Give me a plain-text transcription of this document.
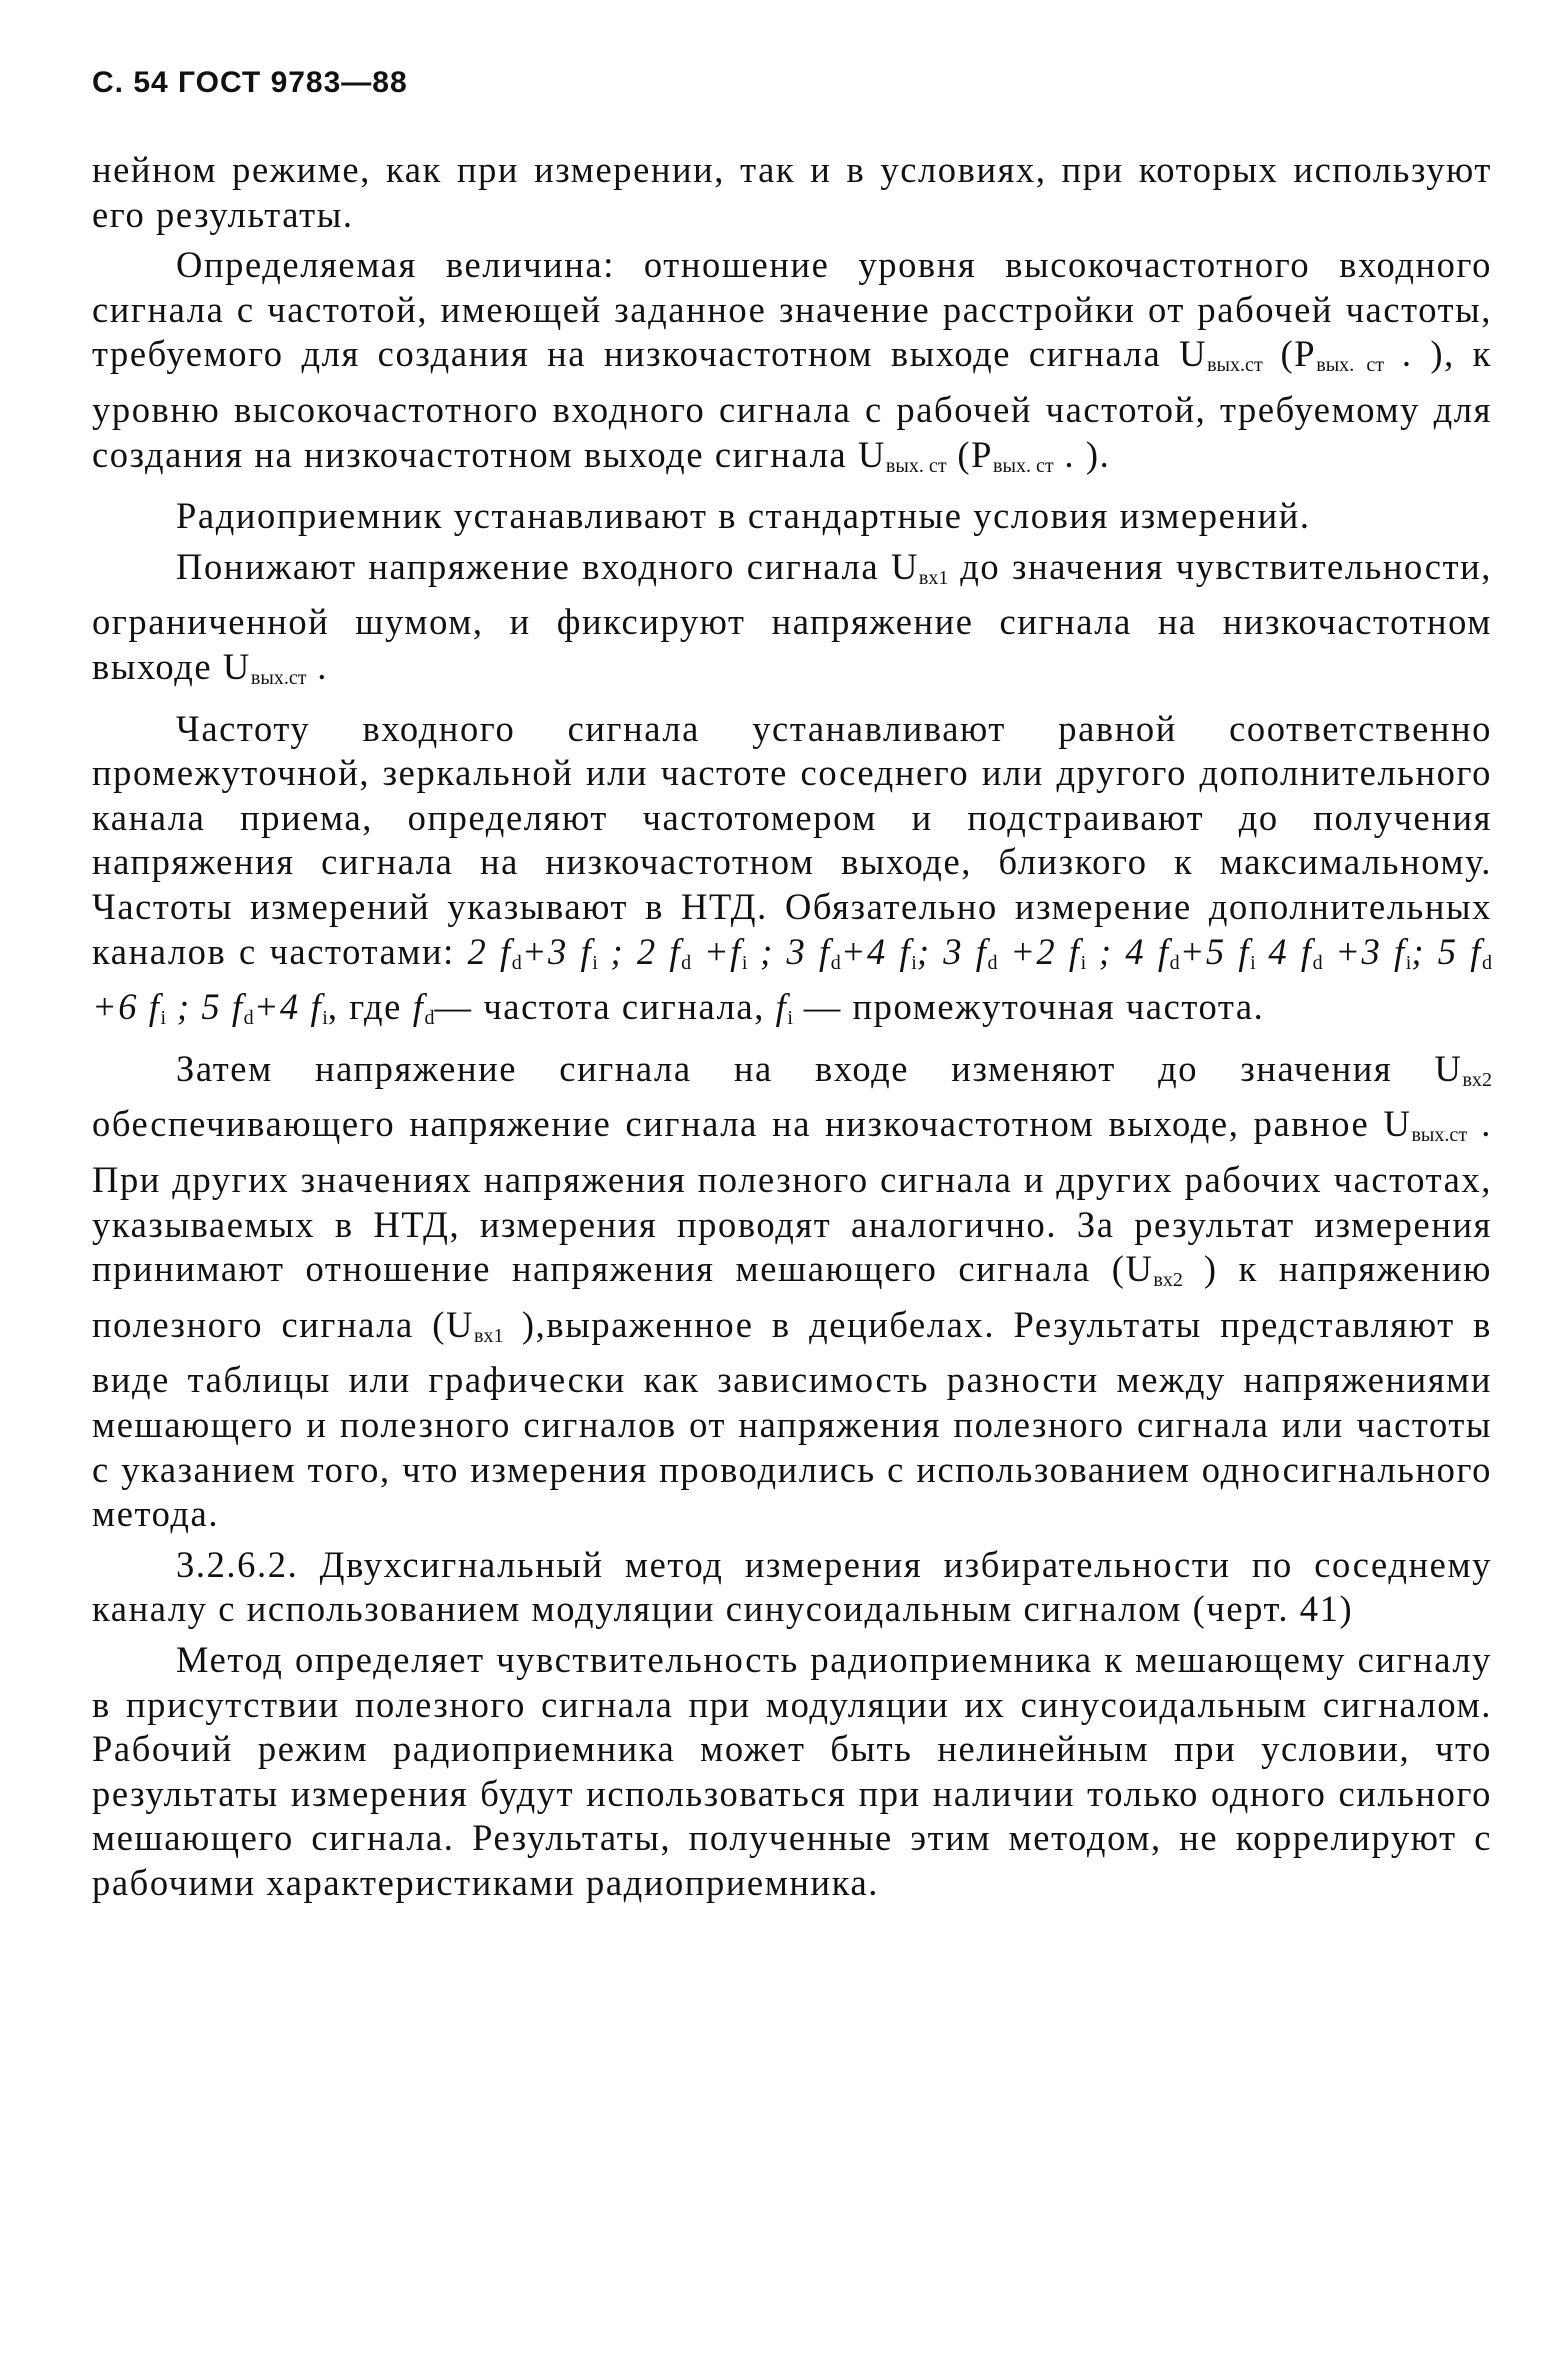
С. 54 ГОСТ 9783—88

нейном режиме, как при измерении, так и в условиях, при которых используют его результаты.

Определяемая величина: отношение уровня высокочастотного входного сигнала с частотой, имеющей заданное значение расстройки от рабочей частоты, требуемого для создания на низкочастотном выходе сигнала $U_{вых.ст}$ ($P_{вых. ст}$ . ), к уровню высокочастотного входного сигнала с рабочей частотой, требуемому для создания на низкочастотном выходе сигнала $U_{вых. ст}$ ($P_{вых. ст}$ . ).

Радиоприемник устанавливают в стандартные условия измерений.

Понижают напряжение входного сигнала $U_{вх1}$ до значения чувствительности, ограниченной шумом, и фиксируют напряжение сигнала на низкочастотном выходе $U_{вых.ст}$ .

Частоту входного сигнала устанавливают равной соответственно промежуточной, зеркальной или частоте соседнего или другого дополнительного канала приема, определяют частотомером и подстраивают до получения напряжения сигнала на низкочастотном выходе, близкого к максимальному. Частоты измерений указывают в НТД. Обязательно измерение дополнительных каналов с частотами: 2 $f_d+3$ $f_i$ ; 2 $f_d +f_i$ ; 3 $f_d+4$ $f_i$; 3 $f_d +2$ $f_i$ ; 4 $f_d+5$ $f_i$ 4 $f_d +3$ $f_i$; 5 $f_d +6$ $f_i$ ; 5 $f_d+4$ $f_i$, где $f_d—$ частота сигнала, $f_i$ — промежуточная частота.

Затем напряжение сигнала на входе изменяют до значения $U_{вх2}$ обеспечивающего напряжение сигнала на низкочастотном выходе, равное $U_{вых.ст}$ . При других значениях напряжения полезного сигнала и других рабочих частотах, указываемых в НТД, измерения проводят аналогично. За результат измерения принимают отношение напряжения мешающего сигнала ($U_{вх2}$ ) к напряжению полезного сигнала ($U_{вх1}$ ),выраженное в децибелах. Результаты представляют в виде таблицы или графически как зависимость разности между напряжениями мешающего и полезного сигналов от напряжения полезного сигнала или частоты с указанием того, что измерения проводились с использованием односигнального метода.

3.2.6.2. Двухсигнальный метод измерения избирательности по соседнему каналу с использованием модуляции синусоидальным сигналом (черт. 41)

Метод определяет чувствительность радиоприемника к мешающему сигналу в присутствии полезного сигнала при модуляции их синусоидальным сигналом. Рабочий режим радиоприемника может быть нелинейным при условии, что результаты измерения будут использоваться при наличии только одного сильного мешающего сигнала. Результаты, полученные этим методом, не коррелируют с рабочими характеристиками радиоприемника.
